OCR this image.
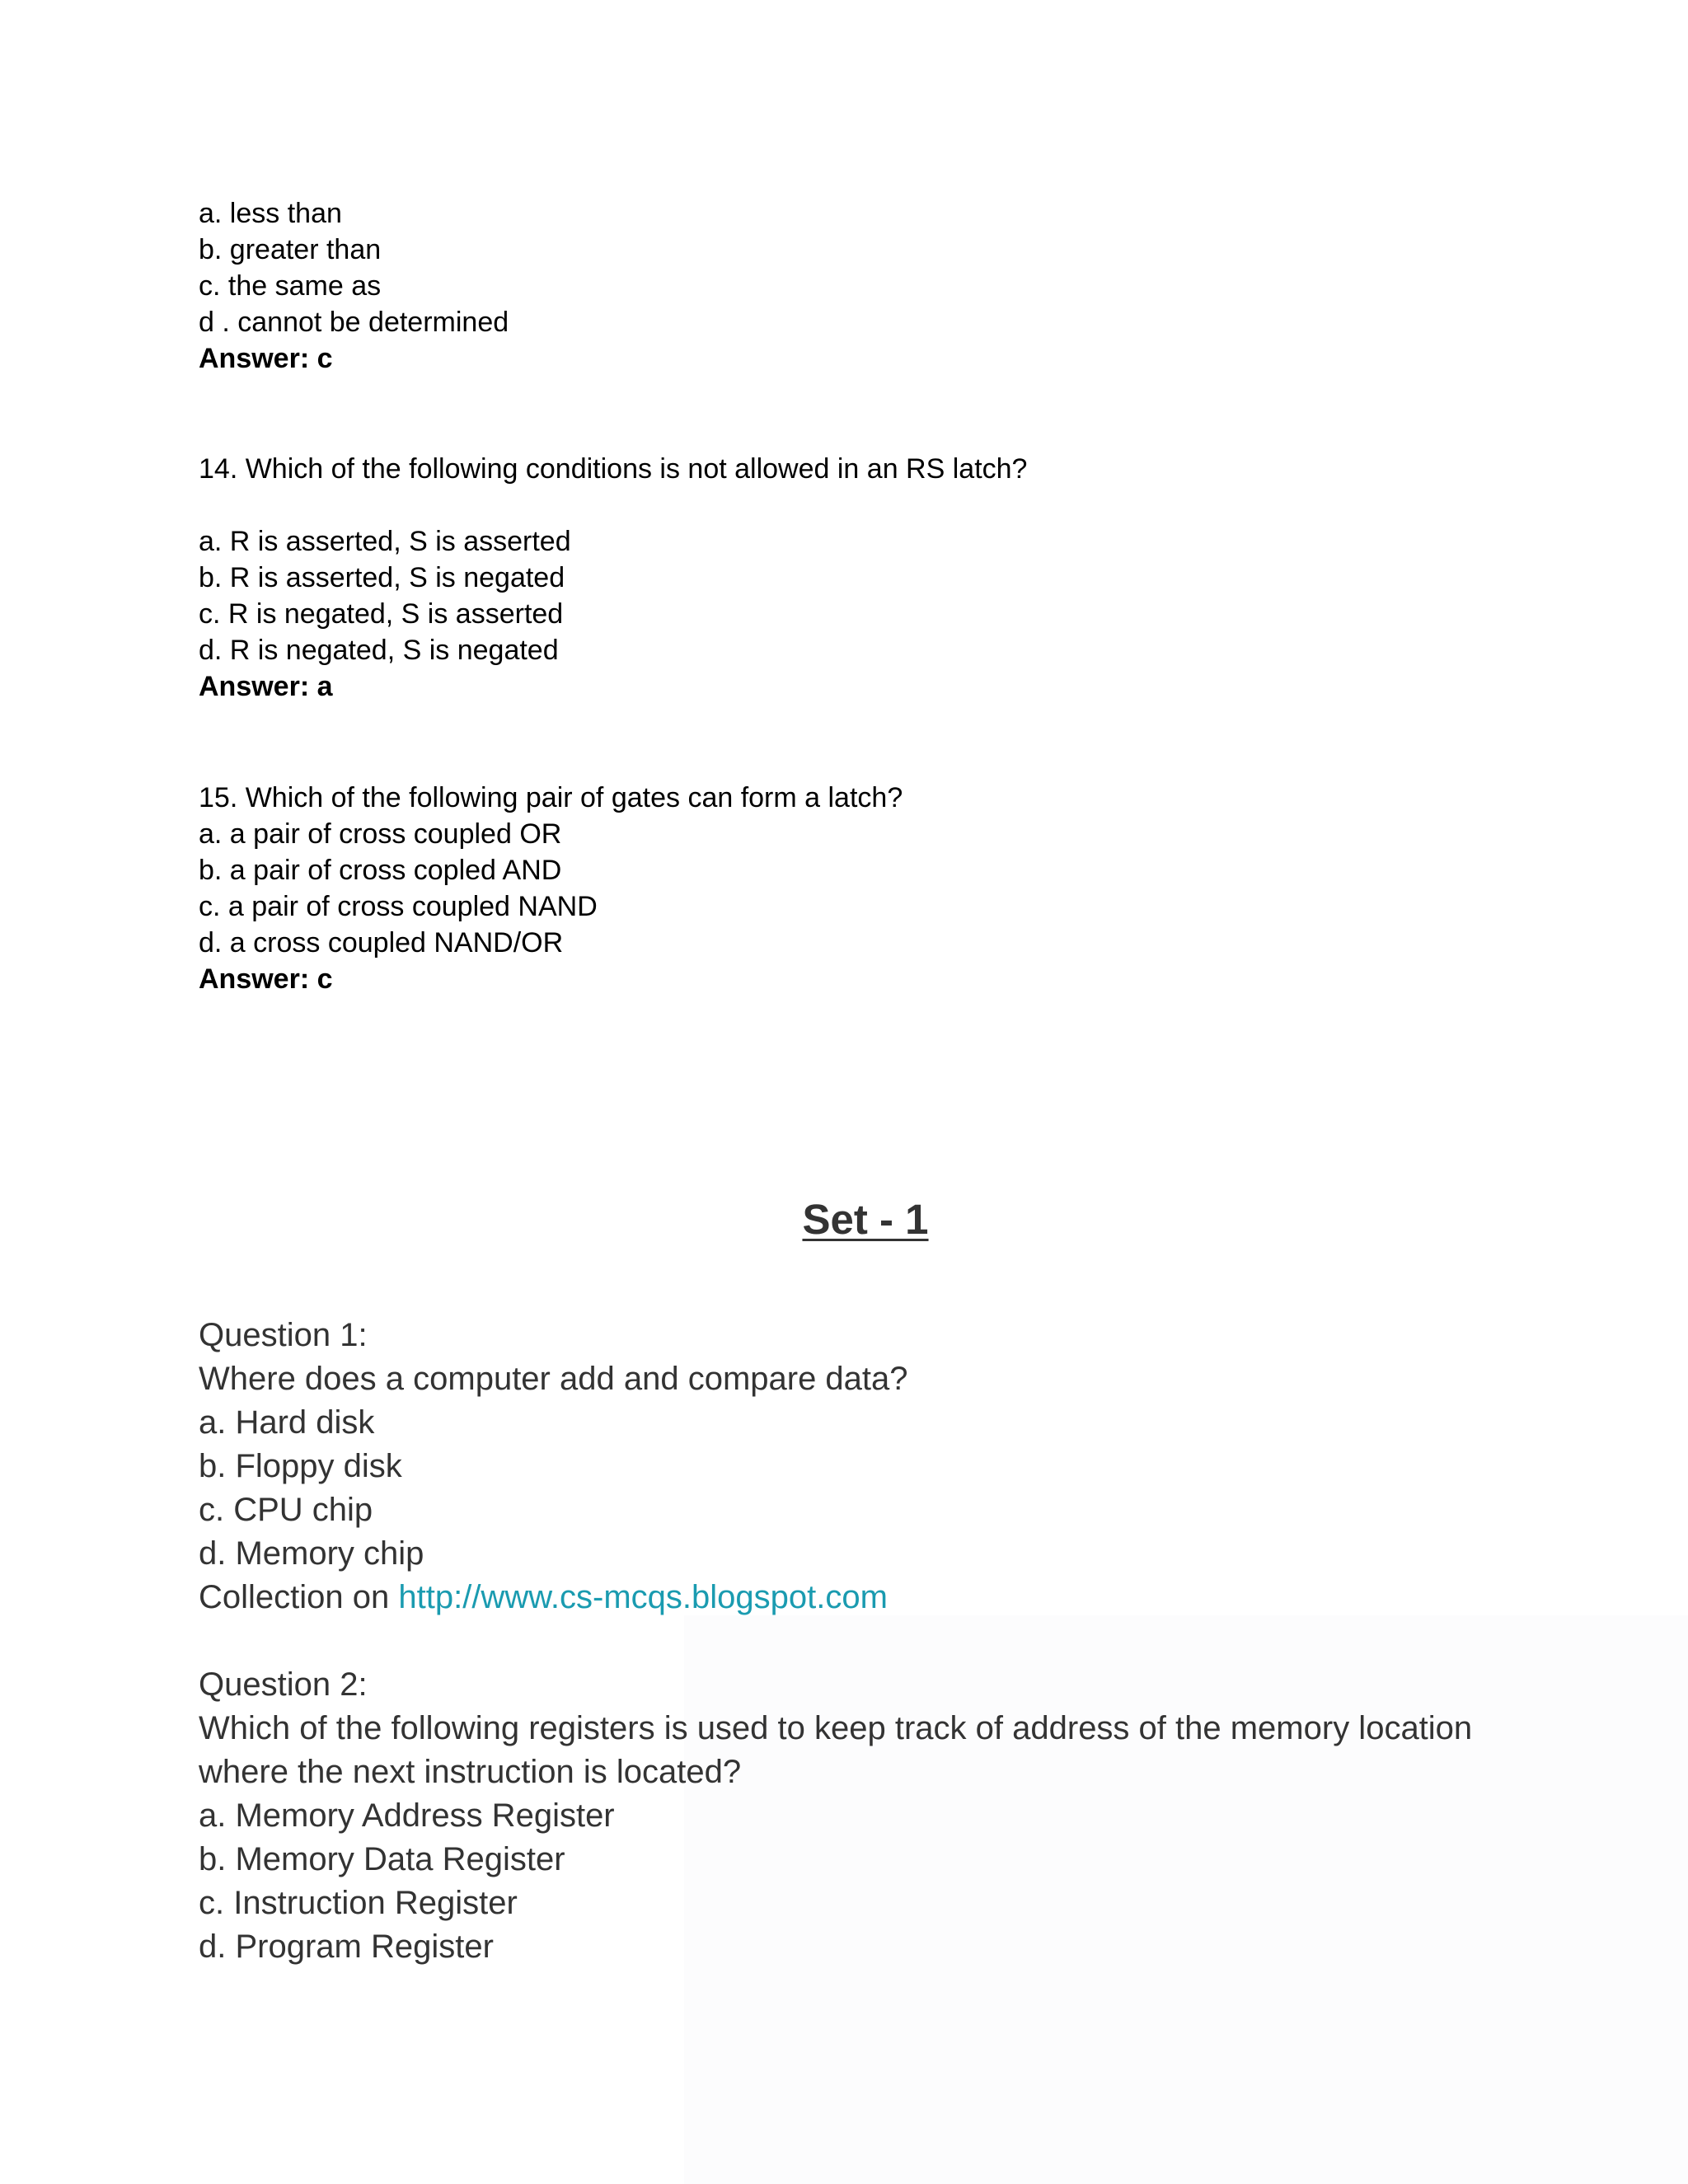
a. less than
b. greater than
c. the same as
d . cannot be determined
Answer: c
14. Which of the following conditions is not allowed in an RS latch?
a. R is asserted, S is asserted
b. R is asserted, S is negated
c. R is negated, S is asserted
d. R is negated, S is negated
Answer: a
15. Which of the following pair of gates can form a latch?
a. a pair of cross coupled OR
b. a pair of cross copled AND
c. a pair of cross coupled NAND
d. a cross coupled NAND/OR
Answer: c
Set - 1
Question 1:
Where does a computer add and compare data?
a. Hard disk
b. Floppy disk
c. CPU chip
d. Memory chip
Collection on http://www.cs-mcqs.blogspot.com
Question 2:
Which of the following registers is used to keep track of address of the memory location
where the next instruction is located?
a. Memory Address Register
b. Memory Data Register
c. Instruction Register
d. Program Register
